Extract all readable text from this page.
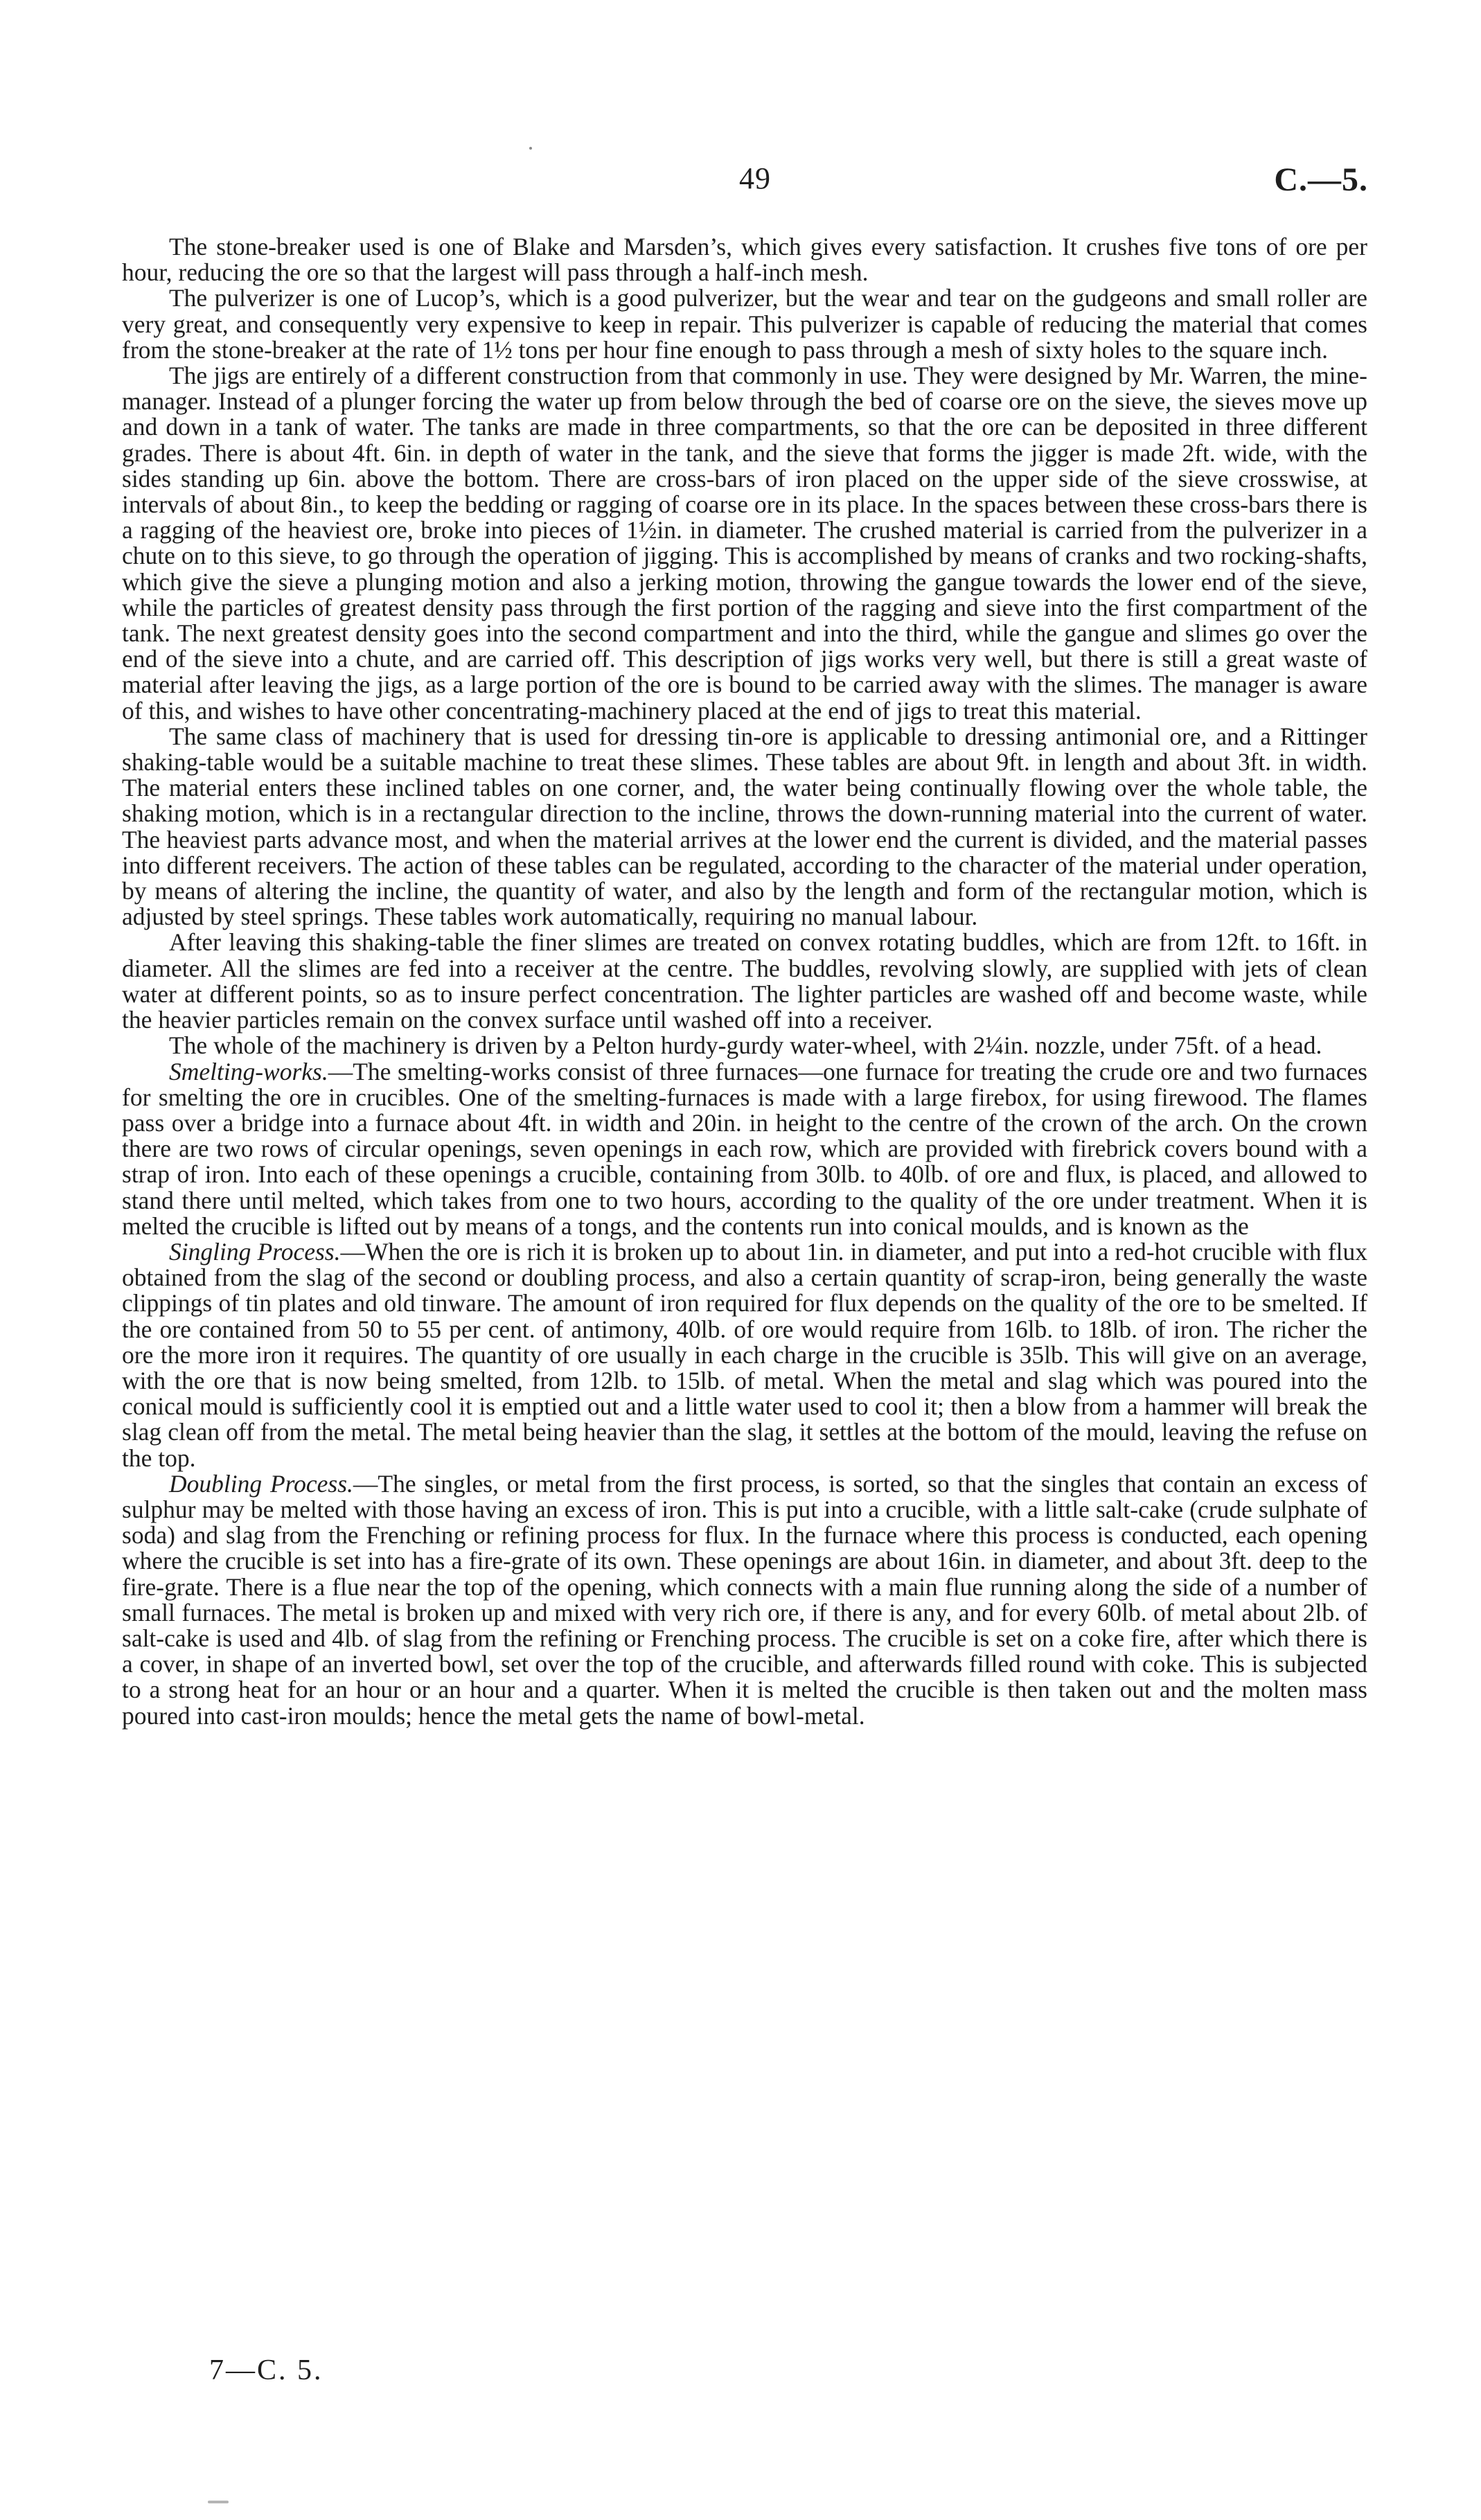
49	C.—5.

The stone-breaker used is one of Blake and Marsden’s, which gives every satisfaction. It crushes five tons of ore per hour, reducing the ore so that the largest will pass through a half-inch mesh.

The pulverizer is one of Lucop’s, which is a good pulverizer, but the wear and tear on the gudgeons and small roller are very great, and consequently very expensive to keep in repair. This pulverizer is capable of reducing the material that comes from the stone-breaker at the rate of 1½ tons per hour fine enough to pass through a mesh of sixty holes to the square inch.

The jigs are entirely of a different construction from that commonly in use. They were designed by Mr. Warren, the mine-manager. Instead of a plunger forcing the water up from below through the bed of coarse ore on the sieve, the sieves move up and down in a tank of water. The tanks are made in three compartments, so that the ore can be deposited in three different grades. There is about 4ft. 6in. in depth of water in the tank, and the sieve that forms the jigger is made 2ft. wide, with the sides standing up 6in. above the bottom. There are cross-bars of iron placed on the upper side of the sieve crosswise, at intervals of about 8in., to keep the bedding or ragging of coarse ore in its place. In the spaces between these cross-bars there is a ragging of the heaviest ore, broke into pieces of 1½in. in diameter. The crushed material is carried from the pulverizer in a chute on to this sieve, to go through the operation of jigging. This is accomplished by means of cranks and two rocking-shafts, which give the sieve a plunging motion and also a jerking motion, throwing the gangue towards the lower end of the sieve, while the particles of greatest density pass through the first portion of the ragging and sieve into the first compartment of the tank. The next greatest density goes into the second compartment and into the third, while the gangue and slimes go over the end of the sieve into a chute, and are carried off. This description of jigs works very well, but there is still a great waste of material after leaving the jigs, as a large portion of the ore is bound to be carried away with the slimes. The manager is aware of this, and wishes to have other concentrating-machinery placed at the end of jigs to treat this material.

The same class of machinery that is used for dressing tin-ore is applicable to dressing antimonial ore, and a Rittinger shaking-table would be a suitable machine to treat these slimes. These tables are about 9ft. in length and about 3ft. in width. The material enters these inclined tables on one corner, and, the water being continually flowing over the whole table, the shaking motion, which is in a rectangular direction to the incline, throws the down-running material into the current of water. The heaviest parts advance most, and when the material arrives at the lower end the current is divided, and the material passes into different receivers. The action of these tables can be regulated, according to the character of the material under operation, by means of altering the incline, the quantity of water, and also by the length and form of the rectangular motion, which is adjusted by steel springs. These tables work automatically, requiring no manual labour.

After leaving this shaking-table the finer slimes are treated on convex rotating buddles, which are from 12ft. to 16ft. in diameter. All the slimes are fed into a receiver at the centre. The buddles, revolving slowly, are supplied with jets of clean water at different points, so as to insure perfect concentration. The lighter particles are washed off and become waste, while the heavier particles remain on the convex surface until washed off into a receiver.

The whole of the machinery is driven by a Pelton hurdy-gurdy water-wheel, with 2¼in. nozzle, under 75ft. of a head.

Smelting-works.—The smelting-works consist of three furnaces—one furnace for treating the crude ore and two furnaces for smelting the ore in crucibles. One of the smelting-furnaces is made with a large firebox, for using firewood. The flames pass over a bridge into a furnace about 4ft. in width and 20in. in height to the centre of the crown of the arch. On the crown there are two rows of circular openings, seven openings in each row, which are provided with firebrick covers bound with a strap of iron. Into each of these openings a crucible, containing from 30lb. to 40lb. of ore and flux, is placed, and allowed to stand there until melted, which takes from one to two hours, according to the quality of the ore under treatment. When it is melted the crucible is lifted out by means of a tongs, and the contents run into conical moulds, and is known as the

Singling Process.—When the ore is rich it is broken up to about 1in. in diameter, and put into a red-hot crucible with flux obtained from the slag of the second or doubling process, and also a certain quantity of scrap-iron, being generally the waste clippings of tin plates and old tinware. The amount of iron required for flux depends on the quality of the ore to be smelted. If the ore contained from 50 to 55 per cent. of antimony, 40lb. of ore would require from 16lb. to 18lb. of iron. The richer the ore the more iron it requires. The quantity of ore usually in each charge in the crucible is 35lb. This will give on an average, with the ore that is now being smelted, from 12lb. to 15lb. of metal. When the metal and slag which was poured into the conical mould is sufficiently cool it is emptied out and a little water used to cool it; then a blow from a hammer will break the slag clean off from the metal. The metal being heavier than the slag, it settles at the bottom of the mould, leaving the refuse on the top.

Doubling Process.—The singles, or metal from the first process, is sorted, so that the singles that contain an excess of sulphur may be melted with those having an excess of iron. This is put into a crucible, with a little salt-cake (crude sulphate of soda) and slag from the Frenching or refining process for flux. In the furnace where this process is conducted, each opening where the crucible is set into has a fire-grate of its own. These openings are about 16in. in diameter, and about 3ft. deep to the fire-grate. There is a flue near the top of the opening, which connects with a main flue running along the side of a number of small furnaces. The metal is broken up and mixed with very rich ore, if there is any, and for every 60lb. of metal about 2lb. of salt-cake is used and 4lb. of slag from the refining or Frenching process. The crucible is set on a coke fire, after which there is a cover, in shape of an inverted bowl, set over the top of the crucible, and afterwards filled round with coke. This is subjected to a strong heat for an hour or an hour and a quarter. When it is melted the crucible is then taken out and the molten mass poured into cast-iron moulds; hence the metal gets the name of bowl-metal.

7—C. 5.
